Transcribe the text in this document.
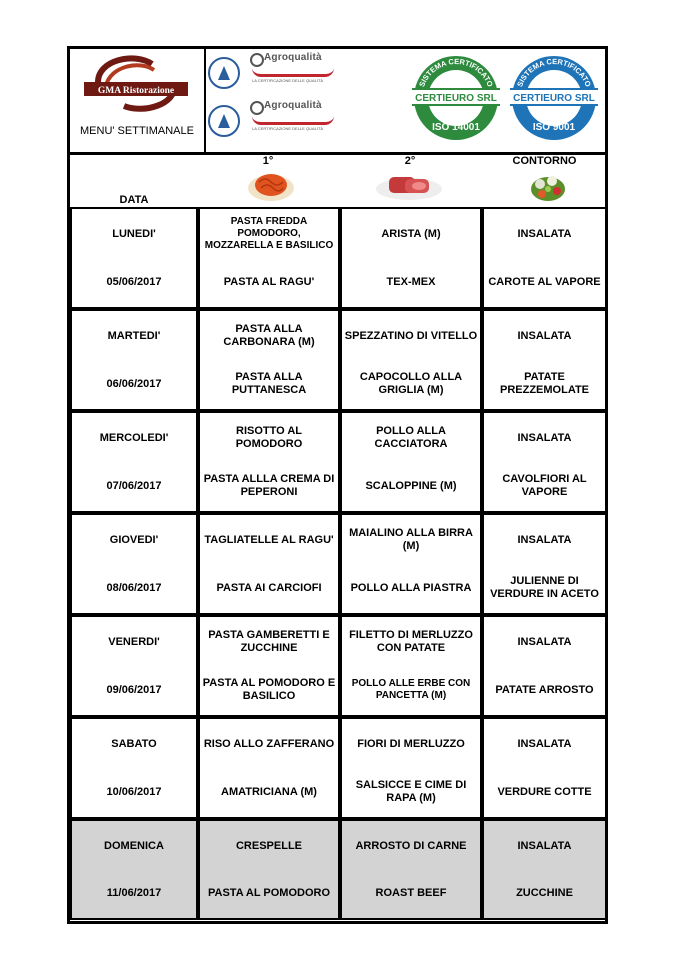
GMA Ristorazione
MENU' SETTIMANALE
Agroqualità
LA CERTIFICAZIONE DELLE QUALITÀ
Agroqualità
LA CERTIFICAZIONE DELLE QUALITÀ
SISTEMA CERTIFICATO
CERTIEURO SRL
ISO 14001
SISTEMA CERTIFICATO
CERTIEURO SRL
ISO 9001
DATA
1°	2°	CONTORNO
LUNEDI'
05/06/2017
PASTA FREDDA POMODORO, MOZZARELLA E BASILICO
PASTA AL RAGU'
ARISTA (M)
TEX-MEX
INSALATA
CAROTE AL VAPORE
MARTEDI'
06/06/2017
PASTA ALLA CARBONARA (M)
PASTA ALLA PUTTANESCA
SPEZZATINO DI VITELLO
CAPOCOLLO ALLA GRIGLIA (M)
INSALATA
PATATE PREZZEMOLATE
MERCOLEDI'
07/06/2017
RISOTTO AL POMODORO
PASTA ALLLA CREMA DI PEPERONI
POLLO ALLA CACCIATORA
SCALOPPINE (M)
INSALATA
CAVOLFIORI AL VAPORE
GIOVEDI'
08/06/2017
TAGLIATELLE AL RAGU'
PASTA AI CARCIOFI
MAIALINO ALLA BIRRA (M)
POLLO ALLA PIASTRA
INSALATA
JULIENNE DI VERDURE IN ACETO
VENERDI'
09/06/2017
PASTA GAMBERETTI E ZUCCHINE
PASTA AL POMODORO E BASILICO
FILETTO DI MERLUZZO CON PATATE
POLLO ALLE ERBE CON PANCETTA (M)
INSALATA
PATATE ARROSTO
SABATO
10/06/2017
RISO ALLO ZAFFERANO
AMATRICIANA (M)
FIORI DI MERLUZZO
SALSICCE E CIME DI RAPA (M)
INSALATA
VERDURE COTTE
DOMENICA
11/06/2017
CRESPELLE
PASTA AL POMODORO
ARROSTO DI CARNE
ROAST BEEF
INSALATA
ZUCCHINE
